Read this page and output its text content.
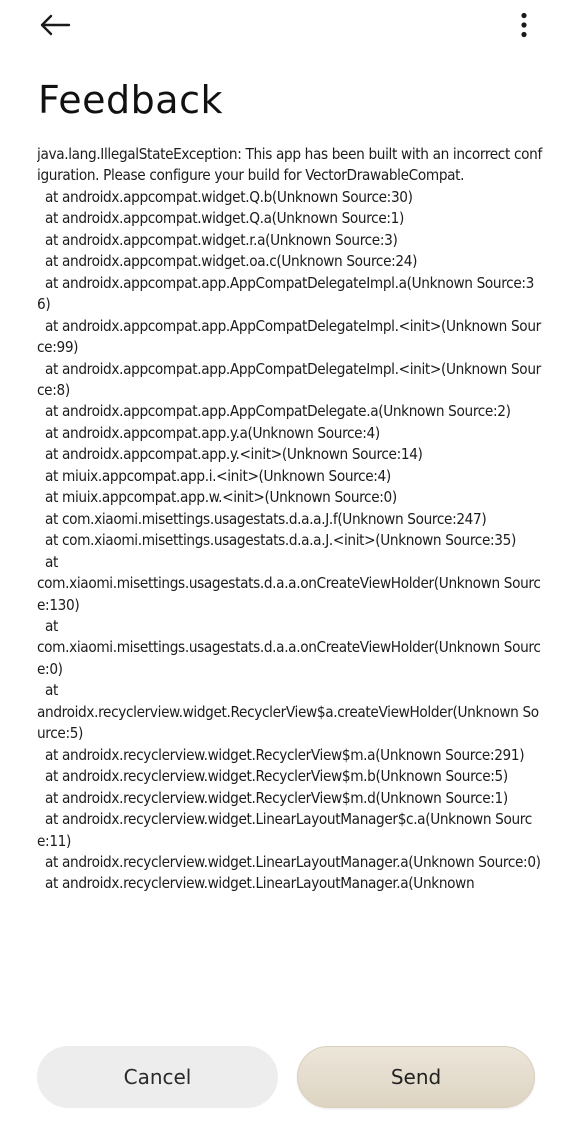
Feedback
java.lang.IllegalStateException: This app has been built with an incorrect configuration. Please configure your build for VectorDrawableCompat.
at androidx.appcompat.widget.Q.b(Unknown Source:30)
at androidx.appcompat.widget.Q.a(Unknown Source:1)
at androidx.appcompat.widget.r.a(Unknown Source:3)
at androidx.appcompat.widget.oa.c(Unknown Source:24)
at androidx.appcompat.app.AppCompatDelegateImpl.a(Unknown Source:36)
at androidx.appcompat.app.AppCompatDelegateImpl.<init>(Unknown Source:99)
at androidx.appcompat.app.AppCompatDelegateImpl.<init>(Unknown Source:8)
at androidx.appcompat.app.AppCompatDelegate.a(Unknown Source:2)
at androidx.appcompat.app.y.a(Unknown Source:4)
at androidx.appcompat.app.y.<init>(Unknown Source:14)
at miuix.appcompat.app.i.<init>(Unknown Source:4)
at miuix.appcompat.app.w.<init>(Unknown Source:0)
at com.xiaomi.misettings.usagestats.d.a.a.J.f(Unknown Source:247)
at com.xiaomi.misettings.usagestats.d.a.a.J.<init>(Unknown Source:35)
at
com.xiaomi.misettings.usagestats.d.a.a.onCreateViewHolder(Unknown Source:130)
at
com.xiaomi.misettings.usagestats.d.a.a.onCreateViewHolder(Unknown Source:0)
at
androidx.recyclerview.widget.RecyclerView$a.createViewHolder(Unknown Source:5)
at androidx.recyclerview.widget.RecyclerView$m.a(Unknown Source:291)
at androidx.recyclerview.widget.RecyclerView$m.b(Unknown Source:5)
at androidx.recyclerview.widget.RecyclerView$m.d(Unknown Source:1)
at androidx.recyclerview.widget.LinearLayoutManager$c.a(Unknown Source:11)
at androidx.recyclerview.widget.LinearLayoutManager.a(Unknown Source:0)
at androidx.recyclerview.widget.LinearLayoutManager.a(Unknown
Cancel	Send
